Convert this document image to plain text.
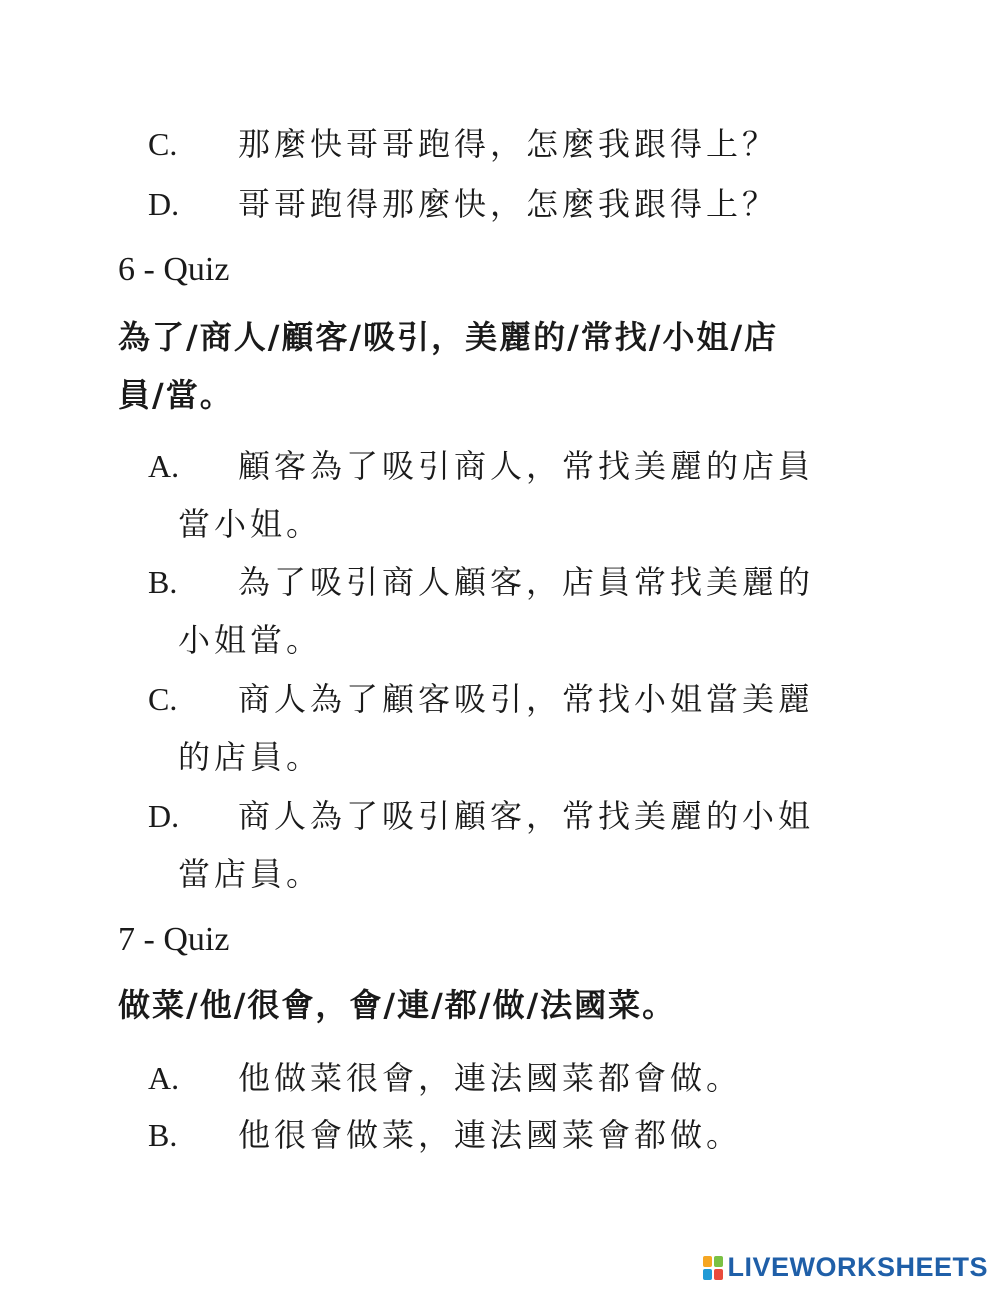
C. 那麼快哥哥跑得，怎麼我跟得上？
D. 哥哥跑得那麼快，怎麼我跟得上？
6 - Quiz
為了/商人/顧客/吸引，美麗的/常找/小姐/店
員/當。
A. 顧客為了吸引商人，常找美麗的店員
當小姐。
B. 為了吸引商人顧客，店員常找美麗的
小姐當。
C. 商人為了顧客吸引，常找小姐當美麗
的店員。
D. 商人為了吸引顧客，常找美麗的小姐
當店員。
7 - Quiz
做菜/他/很會，會/連/都/做/法國菜。
A. 他做菜很會，連法國菜都會做。
B. 他很會做菜，連法國菜會都做。
LIVEWORKSHEETS
